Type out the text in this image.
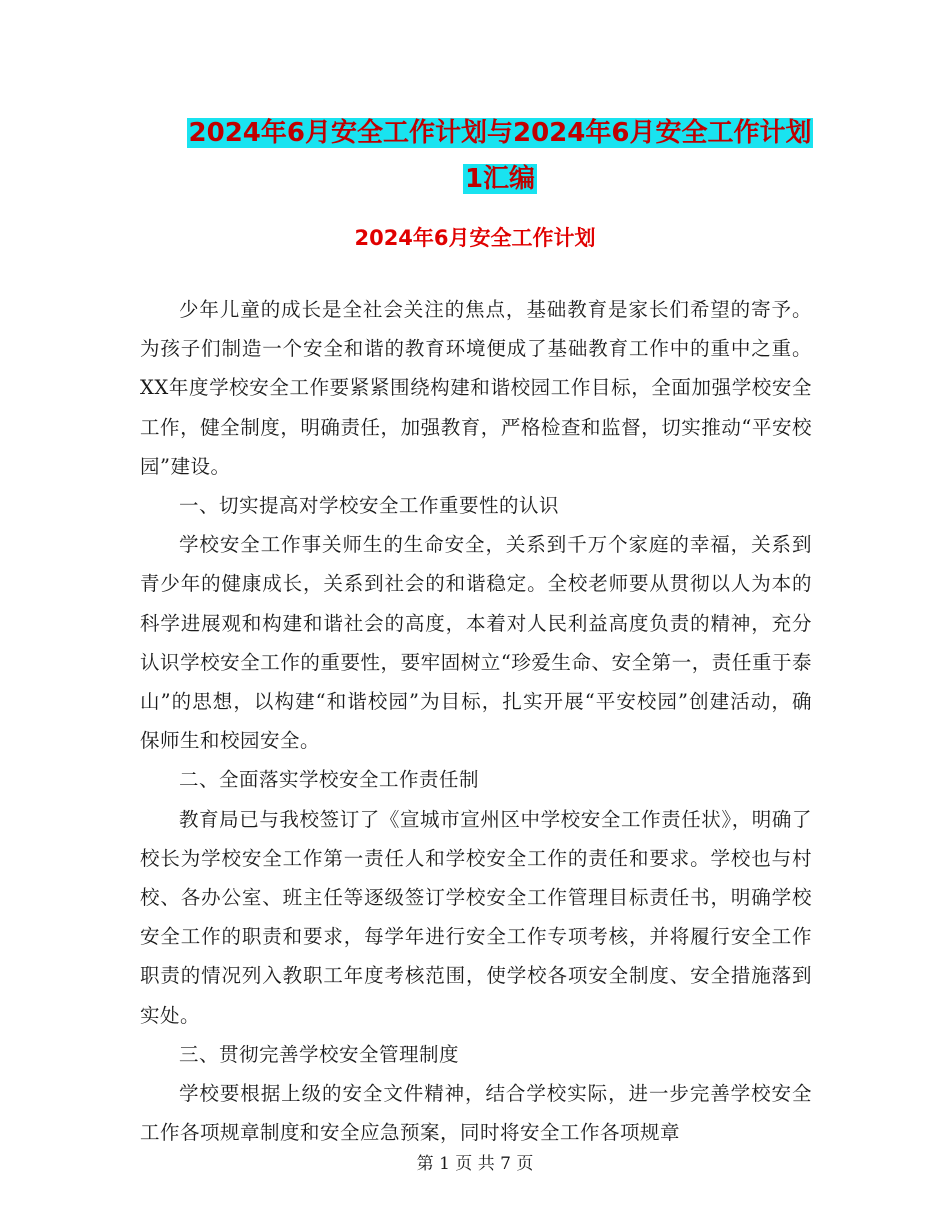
2024年6月安全工作计划与2024年6月安全工作计划
1汇编
2024年6月安全工作计划

少年儿童的成长是全社会关注的焦点，基础教育是家长们希望的寄予。为孩子们制造一个安全和谐的教育环境便成了基础教育工作中的重中之重。XX年度学校安全工作要紧紧围绕构建和谐校园工作目标，全面加强学校安全工作，健全制度，明确责任，加强教育，严格检查和监督，切实推动“平安校园”建设。

一、切实提高对学校安全工作重要性的认识

学校安全工作事关师生的生命安全，关系到千万个家庭的幸福，关系到青少年的健康成长，关系到社会的和谐稳定。全校老师要从贯彻以人为本的科学进展观和构建和谐社会的高度，本着对人民利益高度负责的精神，充分认识学校安全工作的重要性，要牢固树立“珍爱生命、安全第一，责任重于泰山”的思想，以构建“和谐校园”为目标，扎实开展“平安校园”创建活动，确保师生和校园安全。

二、全面落实学校安全工作责任制

教育局已与我校签订了《宣城市宣州区中学校安全工作责任状》，明确了校长为学校安全工作第一责任人和学校安全工作的责任和要求。学校也与村校、各办公室、班主任等逐级签订学校安全工作管理目标责任书，明确学校安全工作的职责和要求，每学年进行安全工作专项考核，并将履行安全工作职责的情况列入教职工年度考核范围，使学校各项安全制度、安全措施落到实处。

三、贯彻完善学校安全管理制度

学校要根据上级的安全文件精神，结合学校实际，进一步完善学校安全工作各项规章制度和安全应急预案，同时将安全工作各项规章

第 1 页 共 7 页
